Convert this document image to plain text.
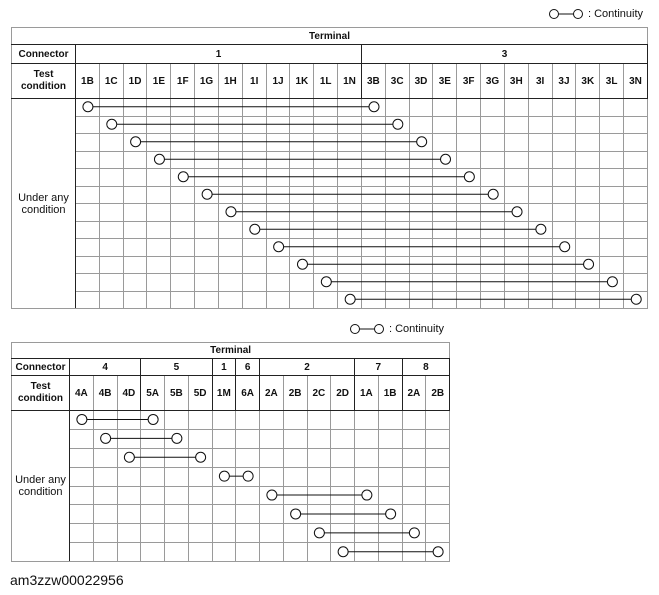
: Continuity
Terminal																								
Connector	1												3											
Test
condition	1B	1C	1D	1E	1F	1G	1H	1I	1J	1K	1L	1N	3B	3C	3D	3E	3F	3G	3H	3I	3J	3K	3L	3N
Under any
condition																								

: Continuity
Terminal																
Connector	4			5			1	6	2				7		8	
Test
condition	4A	4B	4D	5A	5B	5D	1M	6A	2A	2B	2C	2D	1A	1B	2A	2B
Under any
condition																

am3zzw00022956
